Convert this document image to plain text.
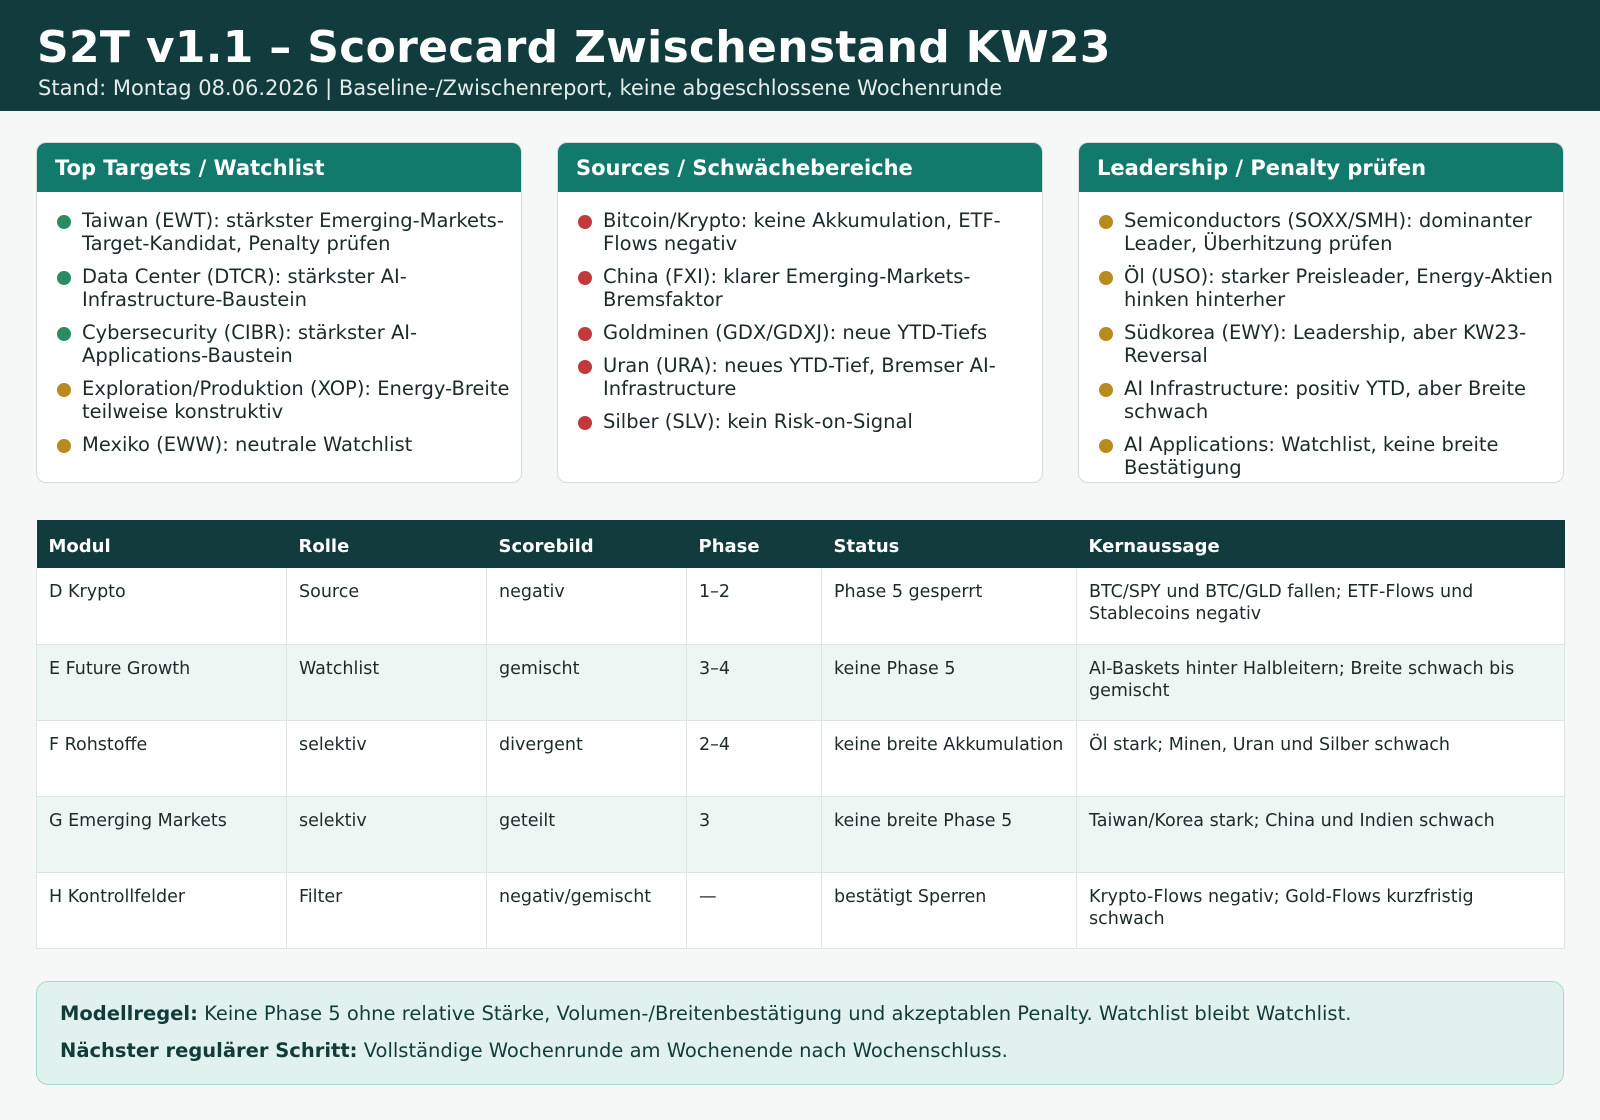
S2T v1.1 – Scorecard Zwischenstand KW23
Stand: Montag 08.06.2026 | Baseline-/Zwischenreport, keine abgeschlossene Wochenrunde
Top Targets / Watchlist
Taiwan (EWT): stärkster Emerging-Markets-Target-Kandidat, Penalty prüfen
Data Center (DTCR): stärkster AI-Infrastructure-Baustein
Cybersecurity (CIBR): stärkster AI-Applications-Baustein
Exploration/Produktion (XOP): Energy-Breite teilweise konstruktiv
Mexiko (EWW): neutrale Watchlist
Sources / Schwächebereiche
Bitcoin/Krypto: keine Akkumulation, ETF-Flows negativ
China (FXI): klarer Emerging-Markets-Bremsfaktor
Goldminen (GDX/GDXJ): neue YTD-Tiefs
Uran (URA): neues YTD-Tief, Bremser AI-Infrastructure
Silber (SLV): kein Risk-on-Signal
Leadership / Penalty prüfen
Semiconductors (SOXX/SMH): dominanter Leader, Überhitzung prüfen
Öl (USO): starker Preisleader, Energy-Aktien hinken hinterher
Südkorea (EWY): Leadership, aber KW23-Reversal
AI Infrastructure: positiv YTD, aber Breite schwach
AI Applications: Watchlist, keine breite Bestätigung
Modul	Rolle	Scorebild	Phase	Status	Kernaussage
D Krypto	Source	negativ	1–2	Phase 5 gesperrt	BTC/SPY und BTC/GLD fallen; ETF-Flows und Stablecoins negativ
E Future Growth	Watchlist	gemischt	3–4	keine Phase 5	AI-Baskets hinter Halbleitern; Breite schwach bis gemischt
F Rohstoffe	selektiv	divergent	2–4	keine breite Akkumulation	Öl stark; Minen, Uran und Silber schwach
G Emerging Markets	selektiv	geteilt	3	keine breite Phase 5	Taiwan/Korea stark; China und Indien schwach
H Kontrollfelder	Filter	negativ/gemischt	—	bestätigt Sperren	Krypto-Flows negativ; Gold-Flows kurzfristig schwach
Modellregel: Keine Phase 5 ohne relative Stärke, Volumen-/Breitenbestätigung und akzeptablen Penalty. Watchlist bleibt Watchlist.
Nächster regulärer Schritt: Vollständige Wochenrunde am Wochenende nach Wochenschluss.
